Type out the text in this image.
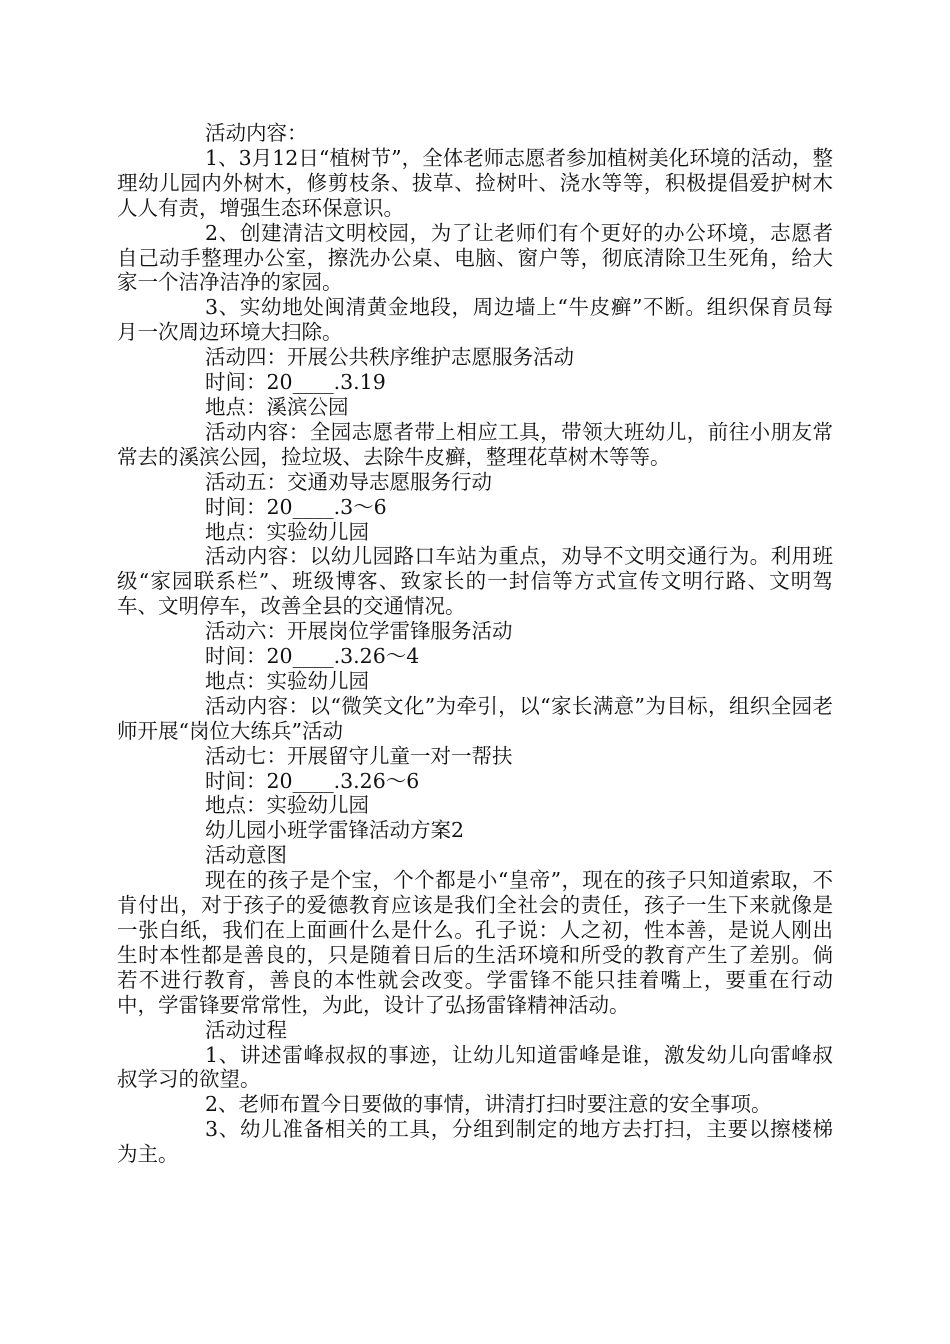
活动内容：

1、3月12日“植树节”，全体老师志愿者参加植树美化环境的活动，整理幼儿园内外树木，修剪枝条、拔草、捡树叶、浇水等等，积极提倡爱护树木人人有责，增强生态环保意识。

2、创建清洁文明校园，为了让老师们有个更好的办公环境，志愿者自己动手整理办公室，擦洗办公桌、电脑、窗户等，彻底清除卫生死角，给大家一个洁净洁净的家园。

3、实幼地处闽清黄金地段，周边墙上“牛皮癣”不断。组织保育员每月一次周边环境大扫除。

活动四：开展公共秩序维护志愿服务活动

时间：20____.3.19

地点：溪滨公园

活动内容：全园志愿者带上相应工具，带领大班幼儿，前往小朋友常常去的溪滨公园，捡垃圾、去除牛皮癣，整理花草树木等等。

活动五：交通劝导志愿服务行动

时间：20____.3～6

地点：实验幼儿园

活动内容：以幼儿园路口车站为重点，劝导不文明交通行为。利用班级“家园联系栏”、班级博客、致家长的一封信等方式宣传文明行路、文明驾车、文明停车，改善全县的交通情况。

活动六：开展岗位学雷锋服务活动

时间：20____.3.26～4

地点：实验幼儿园

活动内容：以“微笑文化”为牵引，以“家长满意”为目标，组织全园老师开展“岗位大练兵”活动

活动七：开展留守儿童一对一帮扶

时间：20____.3.26～6

地点：实验幼儿园

幼儿园小班学雷锋活动方案2

活动意图

现在的孩子是个宝，个个都是小“皇帝”，现在的孩子只知道索取，不肯付出，对于孩子的爱德教育应该是我们全社会的责任，孩子一生下来就像是一张白纸，我们在上面画什么是什么。孔子说：人之初，性本善，是说人刚出生时本性都是善良的，只是随着日后的生活环境和所受的教育产生了差别。倘若不进行教育，善良的本性就会改变。学雷锋不能只挂着嘴上，要重在行动中，学雷锋要常常性，为此，设计了弘扬雷锋精神活动。

活动过程

1、讲述雷峰叔叔的事迹，让幼儿知道雷峰是谁，激发幼儿向雷峰叔叔学习的欲望。

2、老师布置今日要做的事情，讲清打扫时要注意的安全事项。

3、幼儿准备相关的工具，分组到制定的地方去打扫，主要以擦楼梯为主。
